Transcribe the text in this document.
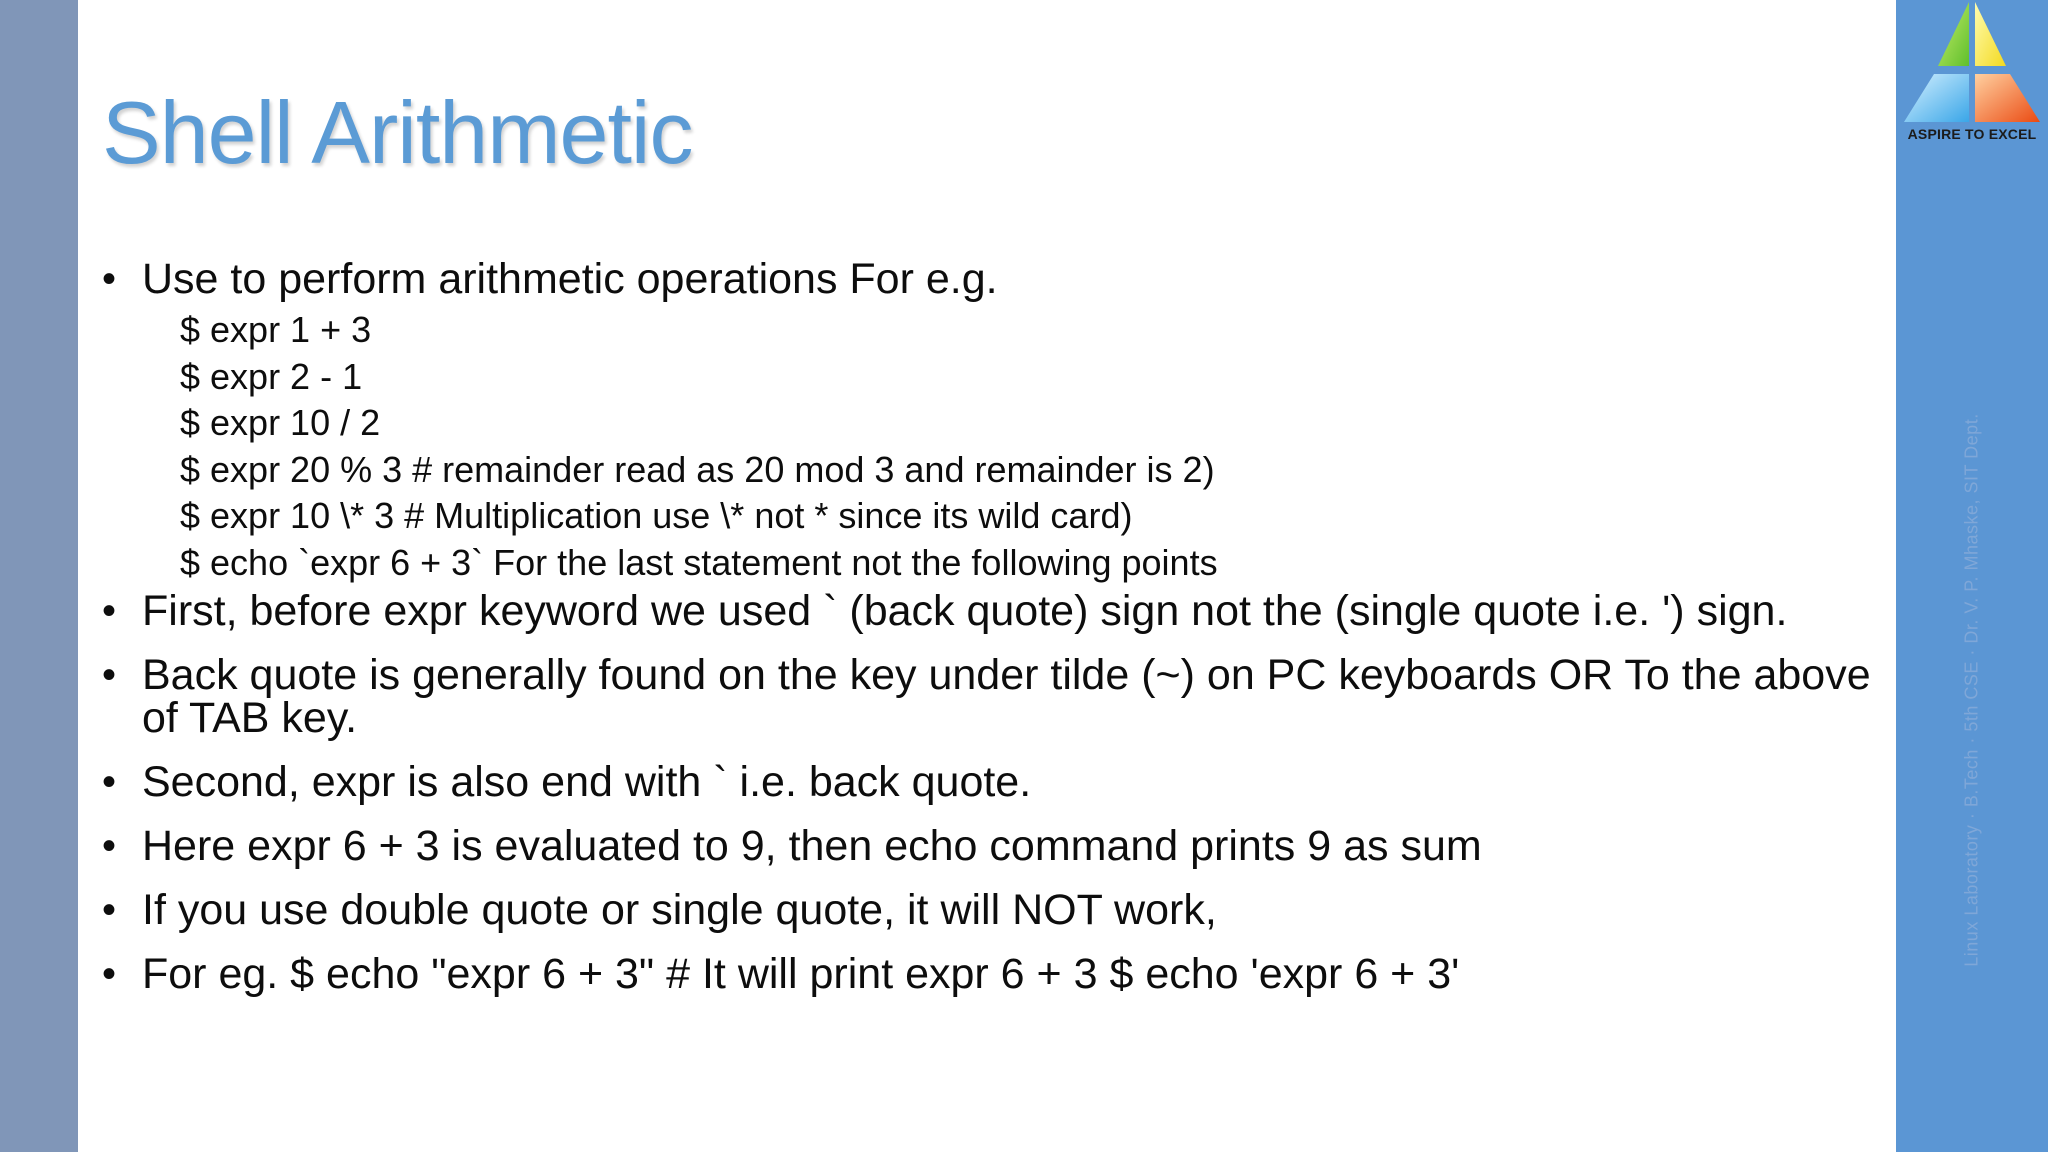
ASPIRE TO EXCEL
Linux Laboratory · B.Tech · 5th CSE · Dr. V. P. Mhaske, SIT Dept.
Shell Arithmetic
• Use to perform arithmetic operations For e.g.
$ expr 1 + 3
$ expr 2 - 1
$ expr 10 / 2
$ expr 20 % 3 # remainder read as 20 mod 3 and remainder is 2)
$ expr 10 \* 3 # Multiplication use \* not * since its wild card)
$ echo `expr 6 + 3` For the last statement not the following points
• First, before expr keyword we used ` (back quote) sign not the (single quote i.e. ') sign.
• Back quote is generally found on the key under tilde (~) on PC keyboards OR To the above of TAB key.
• Second, expr is also end with ` i.e. back quote.
• Here expr 6 + 3 is evaluated to 9, then echo command prints 9 as sum
• If you use double quote or single quote, it will NOT work,
• For eg. $ echo "expr 6 + 3" # It will print expr 6 + 3 $ echo 'expr 6 + 3'
